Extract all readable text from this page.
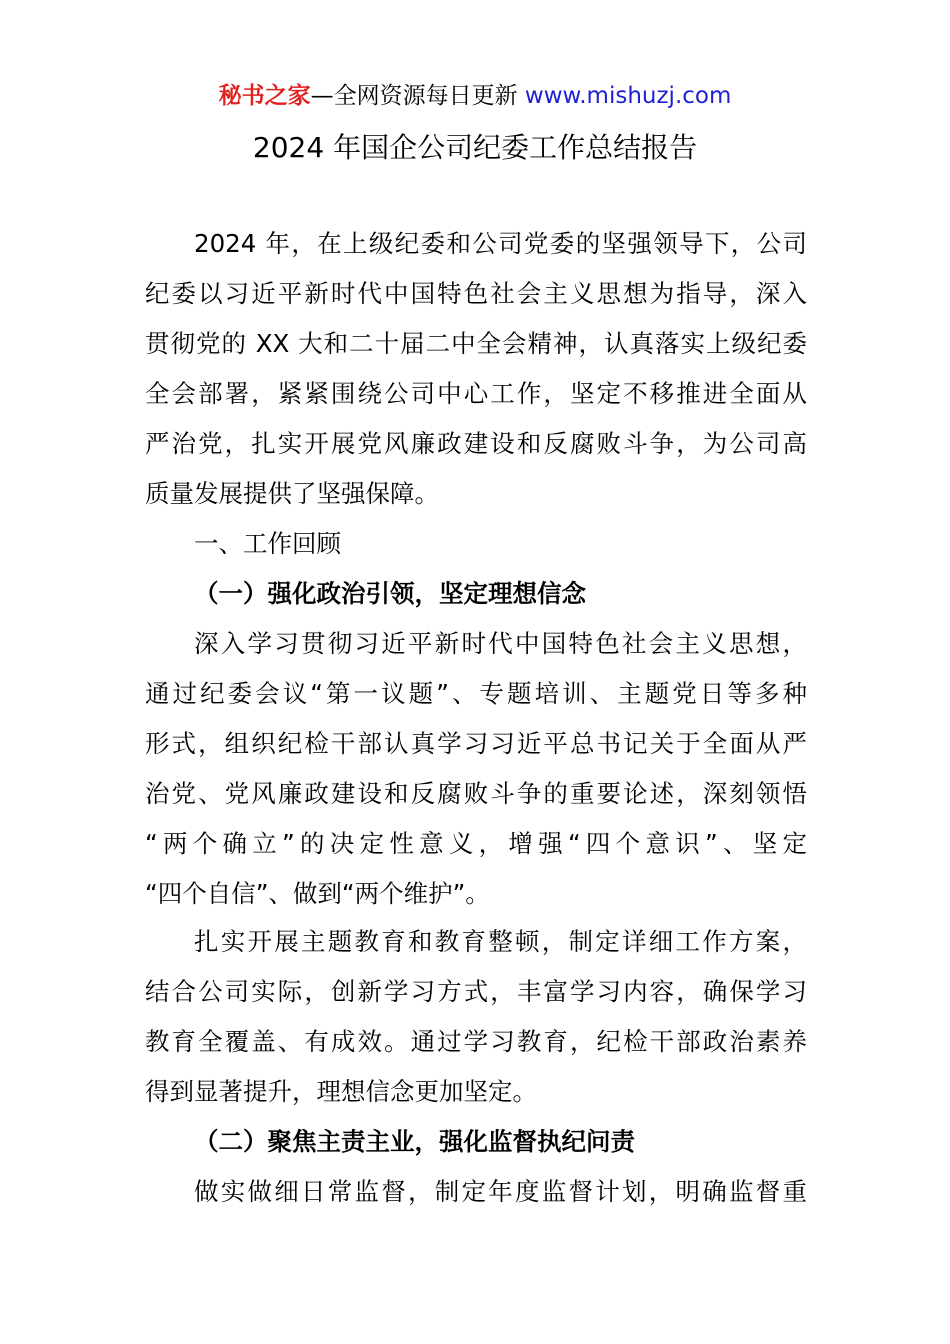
秘书之家—全网资源每日更新 www.mishuzj.com
2024 年国企公司纪委工作总结报告
2024 年，在上级纪委和公司党委的坚强领导下，公司
纪委以习近平新时代中国特色社会主义思想为指导，深入
贯彻党的 XX 大和二十届二中全会精神，认真落实上级纪委
全会部署，紧紧围绕公司中心工作，坚定不移推进全面从
严治党，扎实开展党风廉政建设和反腐败斗争，为公司高
质量发展提供了坚强保障。
一、工作回顾
（一）强化政治引领，坚定理想信念
深入学习贯彻习近平新时代中国特色社会主义思想，
通过纪委会议“第一议题”、专题培训、主题党日等多种
形式，组织纪检干部认真学习习近平总书记关于全面从严
治党、党风廉政建设和反腐败斗争的重要论述，深刻领悟
“两个确立”的决定性意义，增强“四个意识”、坚定
“四个自信”、做到“两个维护”。
扎实开展主题教育和教育整顿，制定详细工作方案，
结合公司实际，创新学习方式，丰富学习内容，确保学习
教育全覆盖、有成效。通过学习教育，纪检干部政治素养
得到显著提升，理想信念更加坚定。
（二）聚焦主责主业，强化监督执纪问责
做实做细日常监督，制定年度监督计划，明确监督重
